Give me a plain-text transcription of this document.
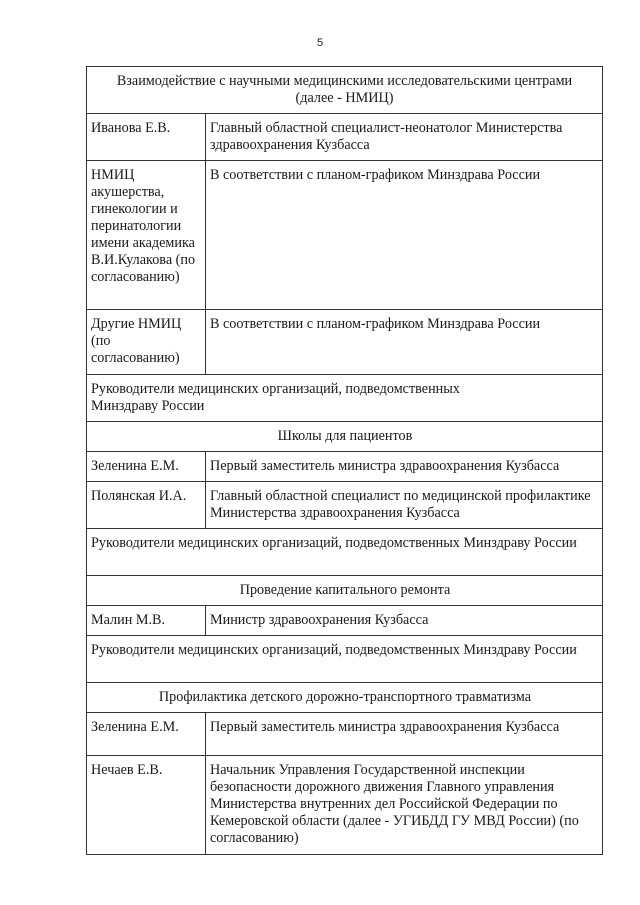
5
Взаимодействие с научными медицинскими исследовательскими центрами (далее - НМИЦ)	
Иванова Е.В.	Главный областной специалист-неонатолог Министерства здравоохранения Кузбасса
НМИЦ акушерства, гинекологии и перинатологии имени академика В.И.Кулакова (по согласованию)	В соответствии с планом-графиком Минздрава России
Другие НМИЦ (по согласованию)	В соответствии с планом-графиком Минздрава России
Руководители медицинских организаций, подведомственных Минздраву России	
Школы для пациентов	
Зеленина Е.М.	Первый заместитель министра здравоохранения Кузбасса
Полянская И.А.	Главный областной специалист по медицинской профилактике Министерства здравоохранения Кузбасса
Руководители медицинских организаций, подведомственных Минздраву России	
Проведение капитального ремонта	
Малин М.В.	Министр здравоохранения Кузбасса
Руководители медицинских организаций, подведомственных Минздраву России	
Профилактика детского дорожно-транспортного травматизма	
Зеленина Е.М.	Первый заместитель министра здравоохранения Кузбасса
Нечаев Е.В.	Начальник Управления Государственной инспекции безопасности дорожного движения Главного управления Министерства внутренних дел Российской Федерации по Кемеровской области (далее - УГИБДД ГУ МВД России) (по согласованию)
